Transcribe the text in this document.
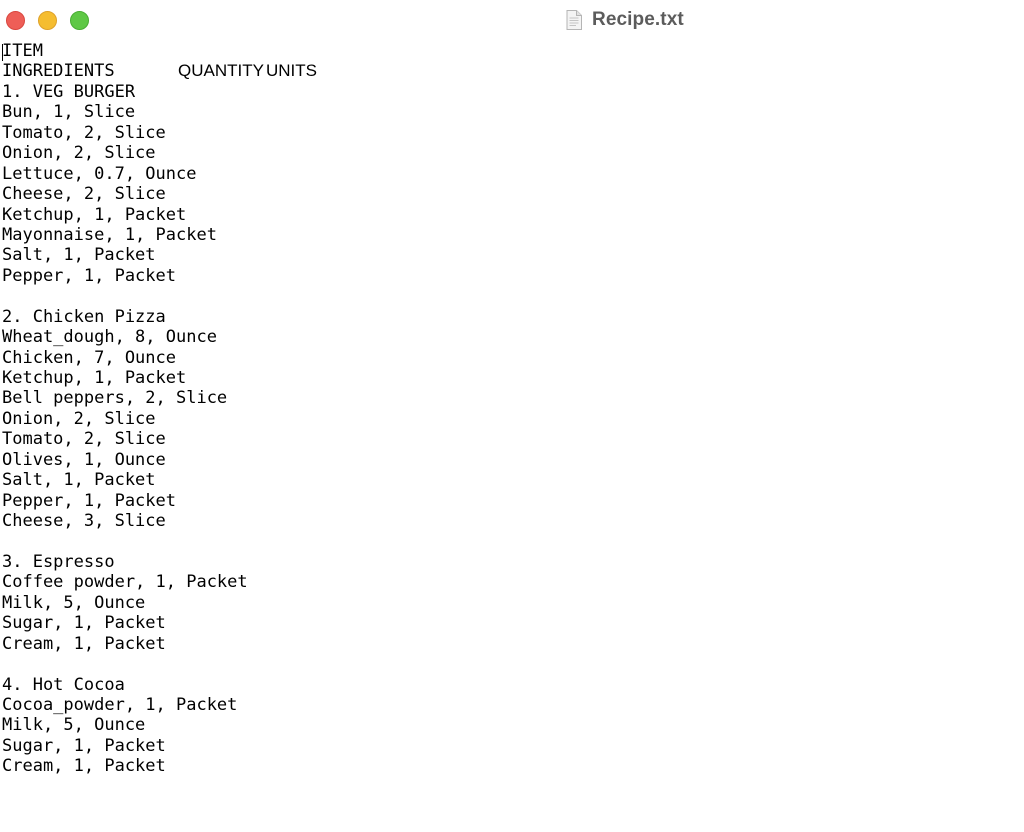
Recipe.txt
ITEM
INGREDIENTS	QUANTITY UNITS
1. VEG BURGER
Bun, 1, Slice
Tomato, 2, Slice
Onion, 2, Slice
Lettuce, 0.7, Ounce
Cheese, 2, Slice
Ketchup, 1, Packet
Mayonnaise, 1, Packet
Salt, 1, Packet
Pepper, 1, Packet
2. Chicken Pizza
Wheat_dough, 8, Ounce
Chicken, 7, Ounce
Ketchup, 1, Packet
Bell peppers, 2, Slice
Onion, 2, Slice
Tomato, 2, Slice
Olives, 1, Ounce
Salt, 1, Packet
Pepper, 1, Packet
Cheese, 3, Slice
3. Espresso
Coffee powder, 1, Packet
Milk, 5, Ounce
Sugar, 1, Packet
Cream, 1, Packet
4. Hot Cocoa
Cocoa_powder, 1, Packet
Milk, 5, Ounce
Sugar, 1, Packet
Cream, 1, Packet
